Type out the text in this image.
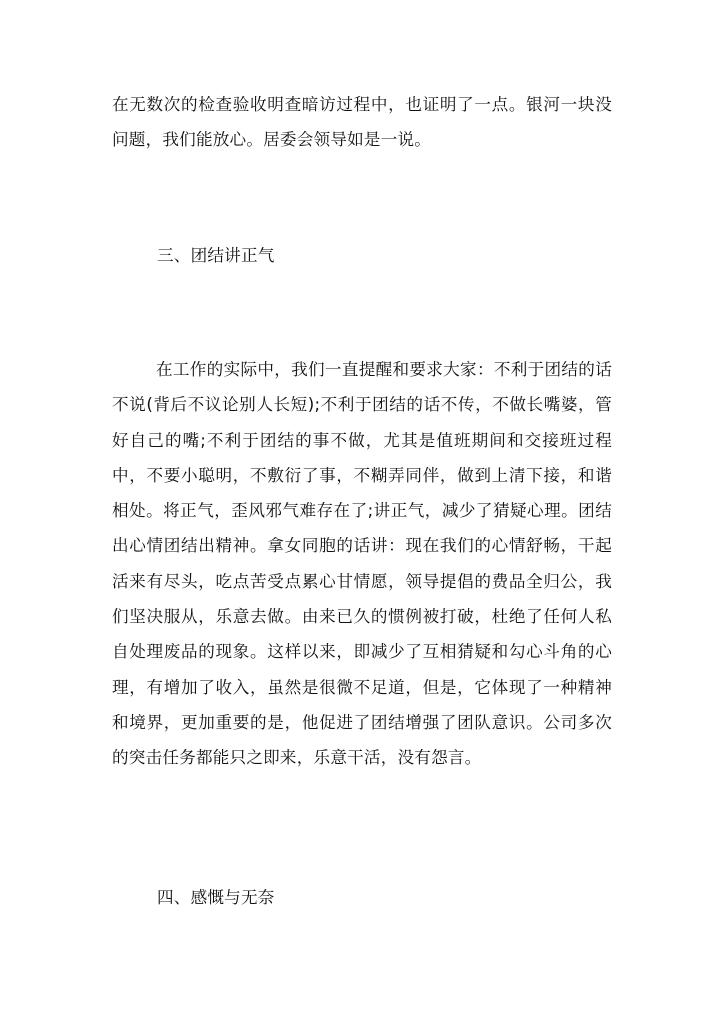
在无数次的检查验收明查暗访过程中，也证明了一点。银河一块没问题，我们能放心。居委会领导如是一说。

三、团结讲正气

在工作的实际中，我们一直提醒和要求大家：不利于团结的话不说(背后不议论别人长短);不利于团结的话不传，不做长嘴婆，管好自己的嘴;不利于团结的事不做，尤其是值班期间和交接班过程中，不要小聪明，不敷衍了事，不糊弄同伴，做到上清下接，和谐相处。将正气，歪风邪气难存在了;讲正气，减少了猜疑心理。团结出心情团结出精神。拿女同胞的话讲：现在我们的心情舒畅，干起活来有尽头，吃点苦受点累心甘情愿，领导提倡的费品全归公，我们坚决服从，乐意去做。由来已久的惯例被打破，杜绝了任何人私自处理废品的现象。这样以来，即减少了互相猜疑和勾心斗角的心理，有增加了收入，虽然是很微不足道，但是，它体现了一种精神和境界，更加重要的是，他促进了团结增强了团队意识。公司多次的突击任务都能只之即来，乐意干活，没有怨言。

四、感慨与无奈
